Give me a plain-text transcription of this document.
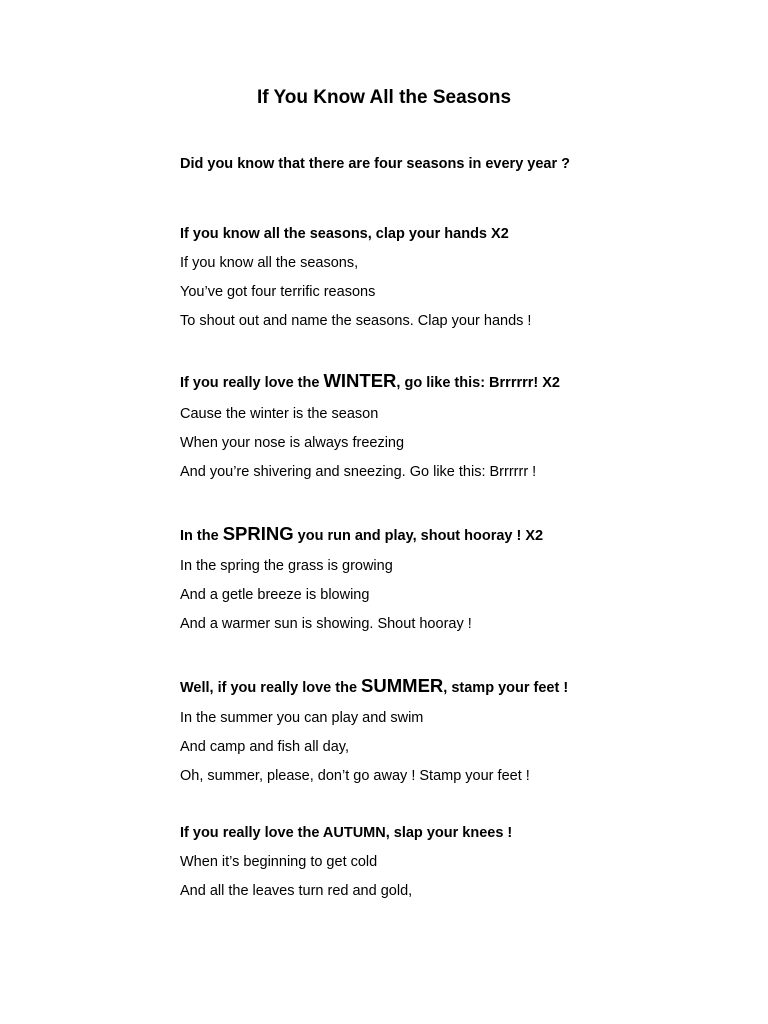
If You Know All the Seasons

Did you know that there are four seasons in every year ?

If you know all the seasons, clap your hands X2

If you know all the seasons,

You’ve got four terrific reasons

To shout out and name the seasons. Clap your hands !

If you really love the WINTER, go like this: Brrrrrr! X2

Cause the winter is the season

When your nose is always freezing

And you’re shivering and sneezing. Go like this: Brrrrrr !

In the SPRING you run and play, shout hooray ! X2

In the spring the grass is growing

And a getle breeze is blowing

And a warmer sun is showing. Shout hooray !

Well, if you really love the SUMMER, stamp your feet !

In the summer you can play and swim

And camp and fish all day,

Oh, summer, please, don’t go away ! Stamp your feet !

If you really love the AUTUMN, slap your knees !

When it’s beginning to get cold

And all the leaves turn red and gold,
